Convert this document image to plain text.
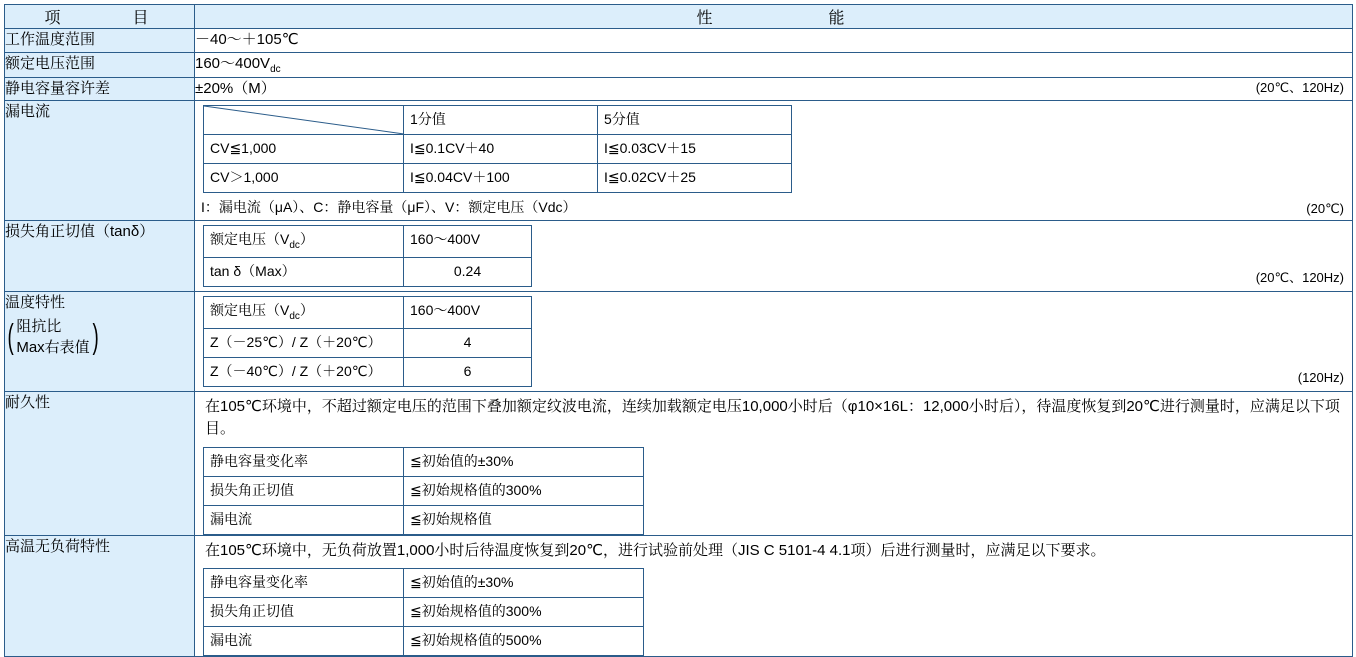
项　　　目	性　　　　　能
工作温度范围	－40～＋105℃
额定电压范围	$160\sim 400V_{dc}$
静电容量容许差	±20%（M）	(20℃、120Hz)

漏电流	
		1分值	5分值
CV≦1,000	I≦0.1CV＋40	I≦0.03CV＋15
CV＞1,000	I≦0.04CV＋100	I≦0.02CV＋25
I：漏电流（μA）、C：静电容量（μF）、V：额定电压（Vdc）	(20℃)

损失角正切值（tanδ）		额定电压$(V_{dc})$	160～400V
tan δ（Max）	0.24	(20℃、120Hz)

温度特性
( 阻抗比
Max右表值 )

额定电压$(V_{dc})$	160～400V
Z（－25℃）/ Z（＋20℃）	4
Z（－40℃）/ Z（＋20℃）	6	(120Hz)

耐久性	在105℃环境中，不超过额定电压的范围下叠加额定纹波电流，连续加载额定电压10,000小时后（φ10×16L：12,000小时后），待温度恢复到20℃进行测量时，应满足以下项目。
静电容量变化率	≦初始值的±30%
损失角正切值	≦初始规格值的300%
漏电流	≦初始规格值

高温无负荷特性	在105℃环境中，无负荷放置1,000小时后待温度恢复到20℃，进行试验前处理（JIS C 5101-4 4.1项）后进行测量时，应满足以下要求。
静电容量变化率	≦初始值的±30%
损失角正切值	≦初始规格值的300%
漏电流	≦初始规格值的500%
